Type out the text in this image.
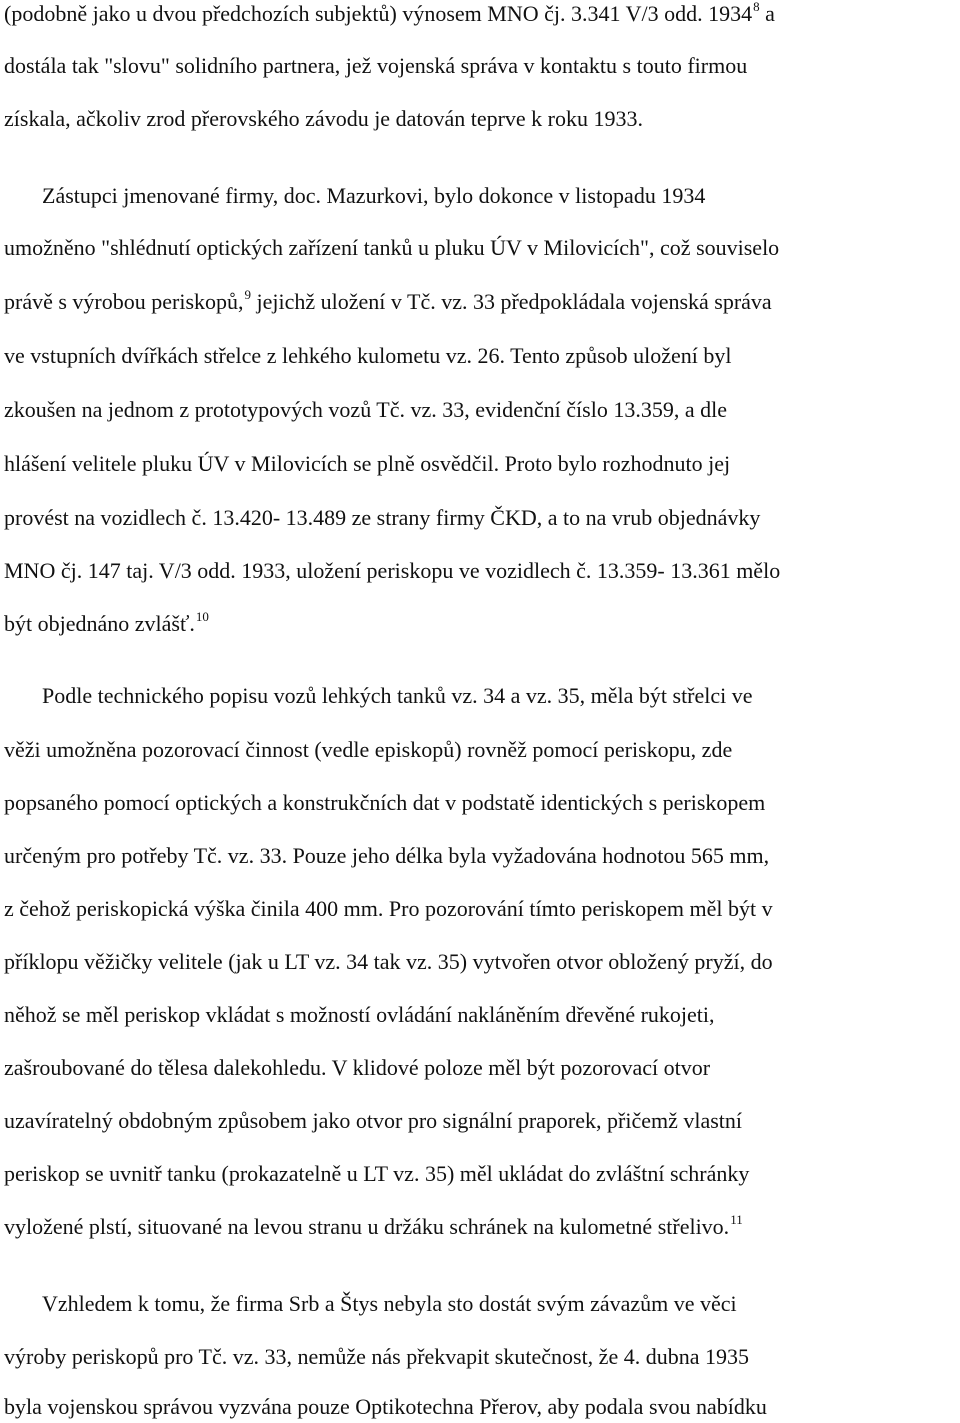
(podobně jako u dvou předchozích subjektů) výnosem MNO čj. 3.341 V/3 odd. 1934$^8$ a
dostála tak "slovu" solidního partnera, jež vojenská správa v kontaktu s touto firmou
získala, ačkoliv zrod přerovského závodu je datován teprve k roku 1933.
Zástupci jmenované firmy, doc. Mazurkovi, bylo dokonce v listopadu 1934
umožněno "shlédnutí optických zařízení tanků u pluku ÚV v Milovicích", což souviselo
právě s výrobou periskopů,$^9$ jejichž uložení v Tč. vz. 33 předpokládala vojenská správa
ve vstupních dvířkách střelce z lehkého kulometu vz. 26. Tento způsob uložení byl
zkoušen na jednom z prototypových vozů Tč. vz. 33, evidenční číslo 13.359, a dle
hlášení velitele pluku ÚV v Milovicích se plně osvědčil. Proto bylo rozhodnuto jej
provést na vozidlech č. 13.420- 13.489 ze strany firmy ČKD, a to na vrub objednávky
MNO čj. 147 taj. V/3 odd. 1933, uložení periskopu ve vozidlech č. 13.359- 13.361 mělo
být objednáno zvlášť.$^{10}$
Podle technického popisu vozů lehkých tanků vz. 34 a vz. 35, měla být střelci ve
věži umožněna pozorovací činnost (vedle episkopů) rovněž pomocí periskopu, zde
popsaného pomocí optických a konstrukčních dat v podstatě identických s periskopem
určeným pro potřeby Tč. vz. 33. Pouze jeho délka byla vyžadována hodnotou 565 mm,
z čehož periskopická výška činila 400 mm. Pro pozorování tímto periskopem měl být v
příklopu věžičky velitele (jak u LT vz. 34 tak vz. 35) vytvořen otvor obložený pryží, do
něhož se měl periskop vkládat s možností ovládání nakláněním dřevěné rukojeti,
zašroubované do tělesa dalekohledu. V klidové poloze měl být pozorovací otvor
uzavíratelný obdobným způsobem jako otvor pro signální praporek, přičemž vlastní
periskop se uvnitř tanku (prokazatelně u LT vz. 35) měl ukládat do zvláštní schránky
vyložené plstí, situované na levou stranu u držáku schránek na kulometné střelivo.$^{11}$
Vzhledem k tomu, že firma Srb a Štys nebyla sto dostát svým závazům ve věci
výroby periskopů pro Tč. vz. 33, nemůže nás překvapit skutečnost, že 4. dubna 1935
byla vojenskou správou vyzvána pouze Optikotechna Přerov, aby podala svou nabídku
